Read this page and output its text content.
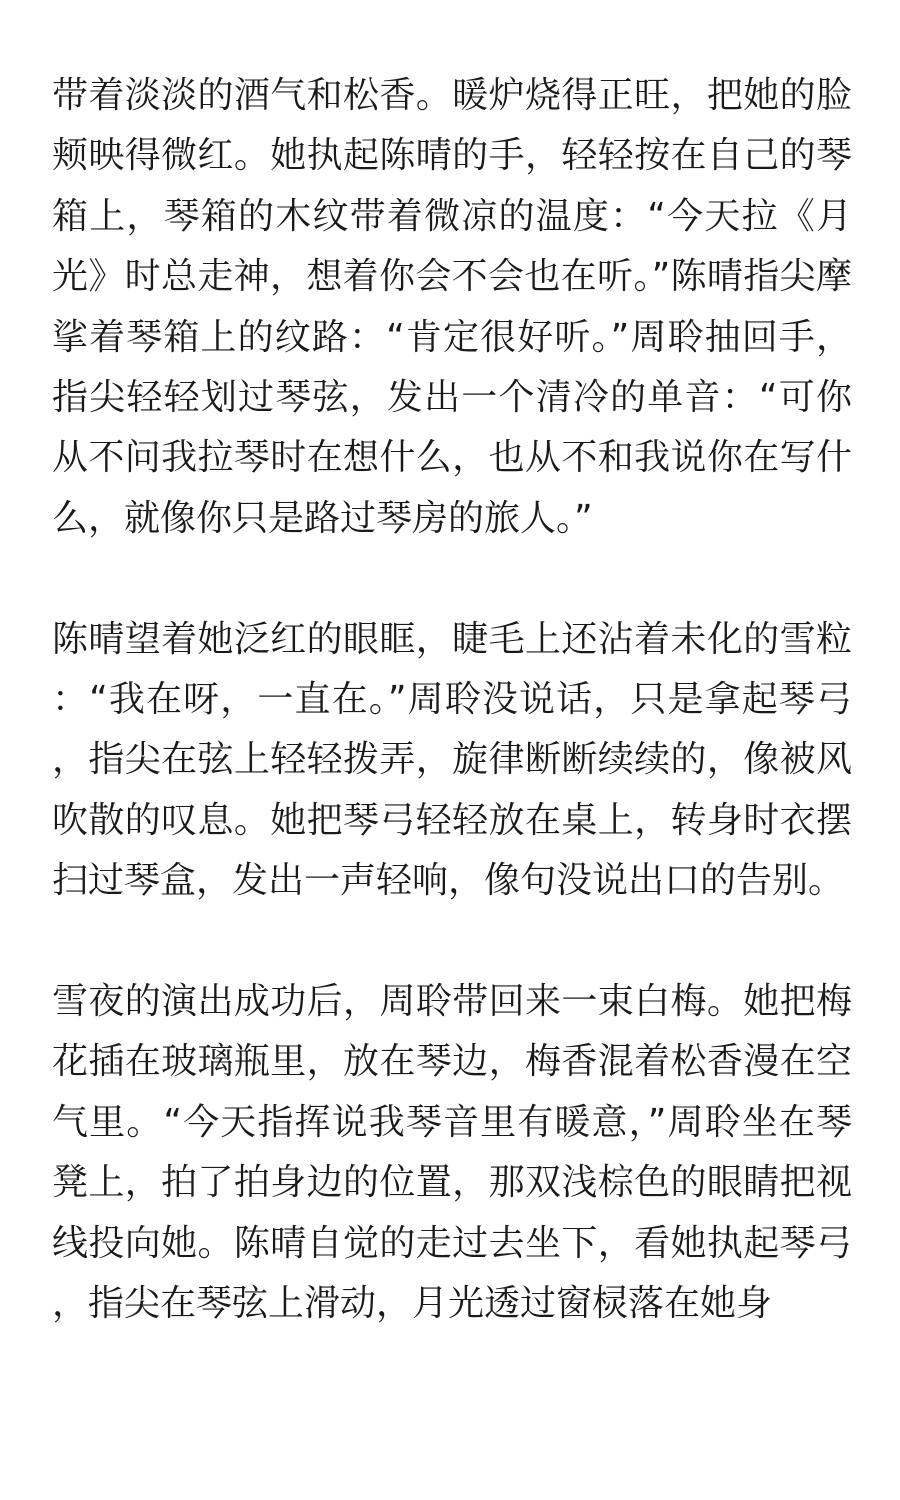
带着淡淡的酒气和松香。暖炉烧得正旺，把她的脸颊映得微红。她执起陈晴的手，轻轻按在自己的琴箱上，琴箱的木纹带着微凉的温度：“今天拉《月光》时总走神，想着你会不会也在听。”陈晴指尖摩挲着琴箱上的纹路：“肯定很好听。”周聆抽回手，指尖轻轻划过琴弦，发出一个清冷的单音：“可你从不问我拉琴时在想什么，也从不和我说你在写什么，就像你只是路过琴房的旅人。”

陈晴望着她泛红的眼眶，睫毛上还沾着未化的雪粒：“我在呀，一直在。”周聆没说话，只是拿起琴弓，指尖在弦上轻轻拨弄，旋律断断续续的，像被风吹散的叹息。她把琴弓轻轻放在桌上，转身时衣摆扫过琴盒，发出一声轻响，像句没说出口的告别。

雪夜的演出成功后，周聆带回来一束白梅。她把梅花插在玻璃瓶里，放在琴边，梅香混着松香漫在空气里。“今天指挥说我琴音里有暖意，”周聆坐在琴凳上，拍了拍身边的位置，那双浅棕色的眼睛把视线投向她。陈晴自觉的走过去坐下，看她执起琴弓，指尖在琴弦上滑动，月光透过窗棂落在她身
